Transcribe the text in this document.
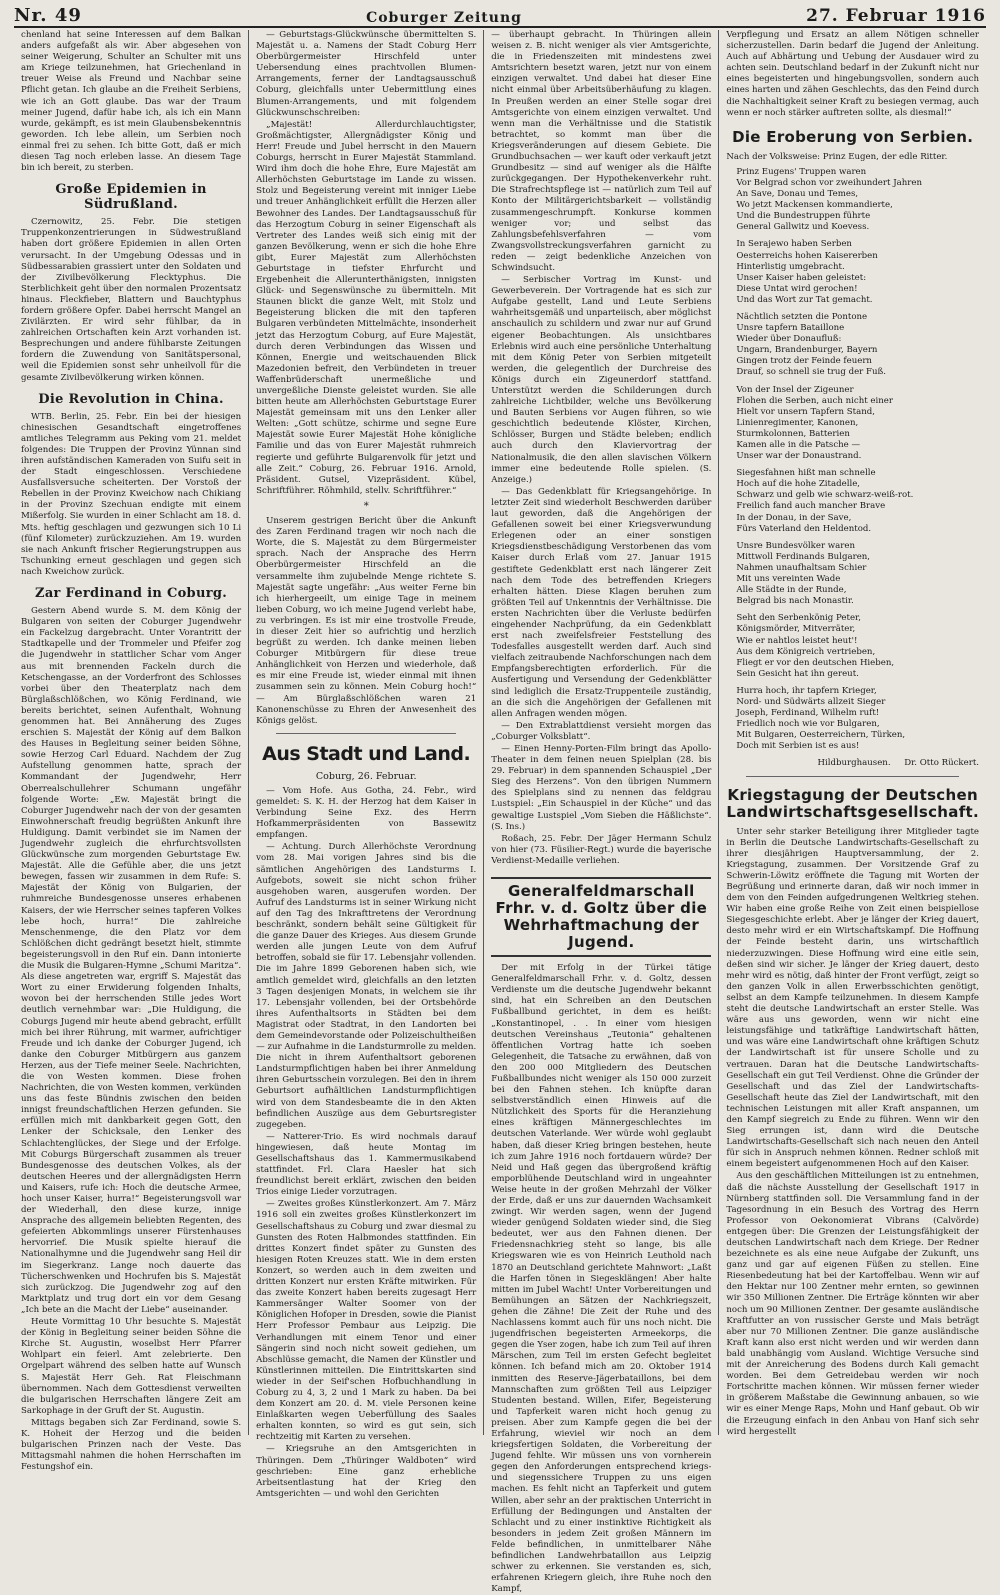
Nr. 49	Coburger Zeitung	27. Februar 1916

chenland hat seine Interessen auf dem Balkan anders aufgefaßt als wir. Aber abgesehen von seiner Weigerung, Schulter an Schulter mit uns am Kriege teilzunehmen, hat Griechenland in treuer Weise als Freund und Nachbar seine Pflicht getan. Ich glaube an die Freiheit Serbiens, wie ich an Gott glaube. Das war der Traum meiner Jugend, dafür habe ich, als ich ein Mann wurde, gekämpft, es ist mein Glaubensbekenntnis geworden. Ich lebe allein, um Serbien noch einmal frei zu sehen. Ich bitte Gott, daß er mich diesen Tag noch erleben lasse. An diesem Tage bin ich bereit, zu sterben.

Große Epidemien in Südrußland.

Czernowitz, 25. Febr. Die stetigen Truppenkonzentrierungen in Südwestrußland haben dort größere Epidemien in allen Orten verursacht. In der Umgebung Odessas und in Südbessarabien grassiert unter den Soldaten und der Zivilbevölkerung Flecktyphus. Die Sterblichkeit geht über den normalen Prozentsatz hinaus. Fleckfieber, Blattern und Bauchtyphus fordern größere Opfer. Dabei herrscht Mangel an Zivilärzten. Er wird sehr fühlbar, da in zahlreichen Ortschaften kein Arzt vorhanden ist. Besprechungen und andere fühlbarste Zeitungen fordern die Zuwendung von Sanitätspersonal, weil die Epidemien sonst sehr unheilvoll für die gesamte Zivilbevölkerung wirken können.

Die Revolution in China.

WTB. Berlin, 25. Febr. Ein bei der hiesigen chinesischen Gesandtschaft eingetroffenes amtliches Telegramm aus Peking vom 21. meldet folgendes: Die Truppen der Provinz Yünnan sind ihren aufständischen Kameraden von Suifu seit in der Stadt eingeschlossen. Verschiedene Ausfallsversuche scheiterten. Der Vorstoß der Rebellen in der Provinz Kweichow nach Chikiang in der Provinz Szechuan endigte mit einem Mißerfolg. Sie wurden in einer Schlacht am 18. d. Mts. heftig geschlagen und gezwungen sich 10 Li (fünf Kilometer) zurückzuziehen. Am 19. wurden sie nach Ankunft frischer Regierungstruppen aus Tschunking erneut geschlagen und gegen sich nach Kweichow zurück.

Zar Ferdinand in Coburg.

Gestern Abend wurde S. M. dem König der Bulgaren von seiten der Coburger Jugendwehr ein Fackelzug dargebracht. Unter Vorantritt der Stadtkapelle und der Trommeler und Pfeifer zog die Jugendwehr in stattlicher Schar vom Anger aus mit brennenden Fackeln durch die Ketschengasse, an der Vorderfront des Schlosses vorbei über den Theaterplatz nach dem Bürglaßschlößchen, wo König Ferdinand, wie bereits berichtet, seinen Aufenthalt, Wohnung genommen hat. Bei Annäherung des Zuges erschien S. Majestät der König auf dem Balkon des Hauses in Begleitung seiner beiden Söhne, sowie Herzog Carl Eduard. Nachdem der Zug Aufstellung genommen hatte, sprach der Kommandant der Jugendwehr, Herr Oberrealschullehrer Schumann ungefähr folgende Worte: „Ew. Majestät bringt die Coburger Jugendwehr nach der von der gesamten Einwohnerschaft freudig begrüßten Ankunft ihre Huldigung. Damit verbindet sie im Namen der Jugendwehr zugleich die ehrfurchtsvollsten Glückwünsche zum morgenden Geburtstage Ew. Majestät. Alle die Gefühle aber, die uns jetzt bewegen, fassen wir zusammen in dem Rufe: S. Majestät der König von Bulgarien, der ruhmreiche Bundesgenosse unseres erhabenen Kaisers, der wie Herrscher seines tapferen Volkes lebe hoch, hurra!“ Die zahlreiche Menschenmenge, die den Platz vor dem Schlößchen dicht gedrängt besetzt hielt, stimmte begeisterungsvoll in den Ruf ein. Dann intonierte die Musik die Bulgaren-Hymne „Schumi Maritza“. Als diese angetreten war, ergriff S. Majestät das Wort zu einer Erwiderung folgenden Inhalts, wovon bei der herrschenden Stille jedes Wort deutlich vernehmbar war: „Die Huldigung, die Coburgs Jugend mir heute abend gebracht, erfüllt mich bei ihrer Rührung, mit warmer, aufrichtiger Freude und ich danke der Coburger Jugend, ich danke den Coburger Mitbürgern aus ganzem Herzen, aus der Tiefe meiner Seele. Nachrichten, die von Westen kommen. Diese frohen Nachrichten, die von Westen kommen, verkünden uns das feste Bündnis zwischen den beiden innigst freundschaftlichen Herzen gefunden. Sie erfüllen mich mit dankbarkeit gegen Gott, den Lenker der Schicksale, den Lenker des Schlachtenglückes, der Siege und der Erfolge. Mit Coburgs Bürgerschaft zusammen als treuer Bundesgenosse des deutschen Volkes, als der deutschen Heeres und der allergnädigsten Herrn und Kaisers, rufe ich: Hoch die deutsche Armee, hoch unser Kaiser, hurra!“ Begeisterungsvoll war der Wiederhall, den diese kurze, innige Ansprache des allgemein beliebten Regenten, des gefeierten Abkommlings unserer Fürstenhauses hervorrief. Die Musik spielte hierauf die Nationalhymne und die Jugendwehr sang Heil dir im Siegerkranz. Lange noch dauerte das Tücherschwenken und Hochrufen bis S. Majestät sich zurückzog. Die Jugendwehr zog auf den Marktplatz und trug dort ein vor dem Gesang „Ich bete an die Macht der Liebe“ auseinander.

Heute Vormittag 10 Uhr besuchte S. Majestät der König in Begleitung seiner beiden Söhne die Kirche St. Augustin, woselbst Herr Pfarrer Wohlpart ein feierl. Amt zelebrierte. Den Orgelpart während des selben hatte auf Wunsch S. Majestät Herr Geh. Rat Fleischmann übernommen. Nach dem Gottesdienst verweilten die bulgarischen Herrschaften längere Zeit am Sarkophage in der Gruft der St. Augustin.

Mittags begaben sich Zar Ferdinand, sowie S. K. Hoheit der Herzog und die beiden bulgarischen Prinzen nach der Veste. Das Mittagsmahl nahmen die hohen Herrschaften im Festungshof ein.

— Geburtstags-Glückwünsche übermittelten S. Majestät u. a. Namens der Stadt Coburg Herr Oberbürgermeister Hirschfeld unter Uebersendung eines prachtvollen Blumen-Arrangements, ferner der Landtagsausschuß Coburg, gleichfalls unter Uebermittlung eines Blumen-Arrangements, und mit folgendem Glückwunschschreiben:

„Majestät! Allerdurchlauchtigster, Großmächtigster, Allergnädigster König und Herr! Freude und Jubel herrscht in den Mauern Coburgs, herrscht in Eurer Majestät Stammland. Wird ihm doch die hohe Ehre, Eure Majestät am Allerhöchsten Geburtstage im Lande zu wissen. Stolz und Begeisterung vereint mit inniger Liebe und treuer Anhänglichkeit erfüllt die Herzen aller Bewohner des Landes. Der Landtagsausschuß für das Herzogtum Coburg in seiner Eigenschaft als Vertreter des Landes weiß sich einig mit der ganzen Bevölkerung, wenn er sich die hohe Ehre gibt, Eurer Majestät zum Allerhöchsten Geburtstage in tiefster Ehrfurcht und Ergebenheit die Allerunterthänigsten, innigsten Glück- und Segenswünsche zu übermitteln. Mit Staunen blickt die ganze Welt, mit Stolz und Begeisterung blicken die mit den tapferen Bulgaren verbündeten Mittelmächte, insonderheit jetzt das Herzogtum Coburg, auf Eure Majestät, durch deren Verbindungen das Wissen und Können, Energie und weitschauenden Blick Mazedonien befreit, den Verbündeten in treuer Waffenbrüderschaft unermeßliche und unvergeßliche Dienste geleistet wurden. Sie alle bitten heute am Allerhöchsten Geburtstage Eurer Majestät gemeinsam mit uns den Lenker aller Welten: „Gott schütze, schirme und segne Eure Majestät sowie Eurer Majestät Hohe königliche Familie und das von Eurer Majestät ruhmreich regierte und geführte Bulgarenvolk für jetzt und alle Zeit.“ Coburg, 26. Februar 1916. Arnold, Präsident. Gutsel, Vizepräsident. Kübel, Schriftführer. Röhmhild, stellv. Schriftführer.“

*

Unserem gestrigen Bericht über die Ankunft des Zaren Ferdinand tragen wir noch nach die Worte, die S. Majestät zu dem Bürgermeister sprach. Nach der Ansprache des Herrn Oberbürgermeister Hirschfeld an die versammelte ihm zujubelnde Menge richtete S. Majestät sagte ungefähr: „Aus weiter Ferne bin ich hierhergeeilt, um einige Tage in meinem lieben Coburg, wo ich meine Jugend verlebt habe, zu verbringen. Es ist mir eine trostvolle Freude, in dieser Zeit hier so aufrichtig und herzlich begrüßt zu werden. Ich danke meinen lieben Coburger Mitbürgern für diese treue Anhänglichkeit von Herzen und wiederhole, daß es mir eine Freude ist, wieder einmal mit ihnen zusammen sein zu können. Mein Coburg hoch!“ — Am Bürglaßschlößchen waren 21 Kanonenschüsse zu Ehren der Anwesenheit des Königs gelöst.

Aus Stadt und Land.
Coburg, 26. Februar.

— Vom Hofe. Aus Gotha, 24. Febr., wird gemeldet: S. K. H. der Herzog hat dem Kaiser in Verbindung Seine Exz. des Herrn Hofkammerpräsidenten von Bassewitz empfangen.

— Achtung. Durch Allerhöchste Verordnung vom 28. Mai vorigen Jahres sind bis die sämtlichen Angehörigen des Landsturms I. Aufgebots, soweit sie nicht schon früher ausgehoben waren, ausgerufen worden. Der Aufruf des Landsturms ist in seiner Wirkung nicht auf den Tag des Inkrafttretens der Verordnung beschränkt, sondern behält seine Gültigkeit für die ganze Dauer des Krieges. Aus diesem Grunde werden alle jungen Leute von dem Aufruf betroffen, sobald sie für 17. Lebensjahr vollenden. Die im Jahre 1899 Geborenen haben sich, wie amtlich gemeldet wird, gleichfalls an den letzten 3 Tagen desjenigen Monats, in welchem sie ihr 17. Lebensjahr vollenden, bei der Ortsbehörde ihres Aufenthaltsorts in Städten bei dem Magistrat oder Stadtrat, in den Landorten bei dem Gemeindevorstande oder Polizeischultheißen — zur Aufnahme in die Landsturmrolle zu melden. Die nicht in ihrem Aufenthaltsort geborenen Landsturmpflichtigen haben bei ihrer Anmeldung ihren Geburtsschein vorzulegen. Bei den in ihrem Geburtsort aufhältlichen Landsturmpflichtigen wird von dem Standesbeamte die in den Akten befindlichen Auszüge aus dem Geburtsregister zugegeben.

— Natterer-Trio. Es wird nochmals darauf hingewiesen, daß heute Montag im Gesellschaftshaus das 1. Kammermusikabend stattfindet. Frl. Clara Haesler hat sich freundlichst bereit erklärt, zwischen den beiden Trios einige Lieder vorzutragen.

— Zweites großes Künstlerkonzert. Am 7. März 1916 soll ein zweites großes Künstlerkonzert im Gesellschaftshaus zu Coburg und zwar diesmal zu Gunsten des Roten Halbmondes stattfinden. Ein drittes Konzert findet später zu Gunsten des hiesigen Roten Kreuzes statt. Wie in dem ersten Konzert, so werden auch in dem zweiten und dritten Konzert nur ersten Kräfte mitwirken. Für das zweite Konzert haben bereits zugesagt Herr Kammersänger Walter Soomer von der Königlichen Hofoper in Dresden, sowie die Pianist Herr Professor Pembaur aus Leipzig. Die Verhandlungen mit einem Tenor und einer Sängerin sind noch nicht soweit gediehen, um Abschlüsse gemacht, die Namen der Künstler und Künstlerinnen mitteilen. Die Eintrittskarten sind wieder in der Seif'schen Hofbuchhandlung in Coburg zu 4, 3, 2 und 1 Mark zu haben. Da bei dem Konzert am 20. d. M. viele Personen keine Einlaßkarten wegen Ueberfüllung des Saales erhalten konnten, so wird es gut sein, sich rechtzeitig mit Karten zu versehen.

— Kriegsruhe an den Amtsgerichten in Thüringen. Dem „Thüringer Waldboten“ wird geschrieben: Eine ganz erhebliche Arbeitsentlastung hat der Krieg den Amtsgerichten — und wohl den Gerichten

— überhaupt gebracht. In Thüringen allein weisen z. B. nicht weniger als vier Amtsgerichte, die in Friedenszeiten mit mindestens zwei Amtsrichtern besetzt waren, jetzt nur von einem einzigen verwaltet. Und dabei hat dieser Eine nicht einmal über Arbeitsüberhäufung zu klagen. In Preußen werden an einer Stelle sogar drei Amtsgerichte von einem einzigen verwaltet. Und wenn man die Verhältnisse und die Statistik betrachtet, so kommt man über die Kriegsveränderungen auf diesem Gebiete. Die Grundbuchsachen — wer kauft oder verkauft jetzt Grundbesitz — sind auf weniger als die Hälfte zurückgegangen. Der Hypothekenverkehr ruht. Die Strafrechtspflege ist — natürlich zum Teil auf Konto der Militärgerichtsbarkeit — vollständig zusammengeschrumpft. Konkurse kommen weniger vor; und selbst das Zahlungsbefehlsverfahren — vom Zwangsvollstreckungsverfahren garnicht zu reden — zeigt bedenkliche Anzeichen von Schwindsucht.

— Serbischer Vortrag im Kunst- und Gewerbeverein. Der Vortragende hat es sich zur Aufgabe gestellt, Land und Leute Serbiens wahrheitsgemäß und unparteiisch, aber möglichst anschaulich zu schildern und zwar nur auf Grund eigener Beobachtungen. Als unsichtbares Erlebnis wird auch eine persönliche Unterhaltung mit dem König Peter von Serbien mitgeteilt werden, die gelegentlich der Durchreise des Königs durch ein Zigeunerdorf stattfand. Unterstützt werden die Schilderungen durch zahlreiche Lichtbilder, welche uns Bevölkerung und Bauten Serbiens vor Augen führen, so wie geschichtlich bedeutende Klöster, Kirchen, Schlösser, Burgen und Städte beleben; endlich auch durch den Klaviervortrag der Nationalmusik, die den allen slavischen Völkern immer eine bedeutende Rolle spielen. (S. Anzeige.)

— Das Gedenkblatt für Kriegsangehörige. In letzter Zeit sind wiederholt Beschwerden darüber laut geworden, daß die Angehörigen der Gefallenen soweit bei einer Kriegsverwundung Erlegenen oder an einer sonstigen Kriegsdienstbeschädigung Verstorbenen das vom Kaiser durch Erlaß vom 27. Januar 1915 gestiftete Gedenkblatt erst nach längerer Zeit nach dem Tode des betreffenden Kriegers erhalten hätten. Diese Klagen beruhen zum größten Teil auf Unkenntnis der Verhältnisse. Die ersten Nachrichten über die Verluste bedürfen eingehender Nachprüfung, da ein Gedenkblatt erst nach zweifelsfreier Feststellung des Todesfalles ausgestellt werden darf. Auch sind vielfach zeitraubende Nachforschungen nach dem Empfangsberechtigten erforderlich. Für die Ausfertigung und Versendung der Gedenkblätter sind lediglich die Ersatz-Truppenteile zuständig, an die sich die Angehörigen der Gefallenen mit allen Anfragen wenden mögen.

— Den Extrablattdienst versieht morgen das „Coburger Volksblatt“.

— Einen Henny-Porten-Film bringt das Apollo-Theater in dem feinen neuen Spielplan (28. bis 29. Februar) in dem spannenden Schauspiel „Der Sieg des Herzens“. Von den übrigen Nummern des Spielplans sind zu nennen das feldgrau Lustspiel: „Ein Schauspiel in der Küche“ und das gewaltige Lustspiel „Vom Sieben die Häßlichste“. (S. Ins.)

Roßach, 25. Febr. Der Jäger Hermann Schulz von hier (73. Füsilier-Regt.) wurde die bayerische Verdienst-Medaille verliehen.

Generalfeldmarschall Frhr. v. d. Goltz über die Wehrhaftmachung der Jugend.

Der mit Erfolg in der Türkei tätige Generalfeldmarschall Frhr. v. d. Goltz, dessen Verdienste um die deutsche Jugendwehr bekannt sind, hat ein Schreiben an den Deutschen Fußballbund gerichtet, in dem es heißt: „Konstantinopel, . . In einer vom hiesigen deutschen Vereinshaus „Teutonia“ gehaltenen öffentlichen Vortrag hatte ich soeben Gelegenheit, die Tatsache zu erwähnen, daß von den 200 000 Mitgliedern des Deutschen Fußballbundes nicht weniger als 150 000 zurzeit bei den Fahnen stehen. Ich knüpfte daran selbstverständlich einen Hinweis auf die Nützlichkeit des Sports für die Heranziehung eines kräftigen Männergeschlechtes im deutschen Vaterlande. Wer würde wohl geglaubt haben, daß dieser Krieg bringen bestehen, heute ich zum Jahre 1916 noch fortdauern würde? Der Neid und Haß gegen das übergroßend kräftig emporblühende Deutschland wird in ungeahnter Weise heute in der großen Mehrzahl der Völker der Erde, daß er uns zur dauernden Wachsamkeit zwingt. Wir werden sagen, wenn der Jugend wieder genügend Soldaten wieder sind, die Sieg bedeutet, wer aus den Fahnen dienen. Der Friedensnachkrieg steht so lange, bis alle Kriegswaren wie es von Heinrich Leuthold nach 1870 an Deutschland gerichtete Mahnwort: „Laßt die Harfen tönen in Siegesklängen! Aber halte mitten im Jubel Wacht! Unter Vorbereitungen und Bemühungen an Sätzen der Nachkriegszeit, gehen die Zähne! Die Zeit der Ruhe und des Nachlassens kommt auch für uns noch nicht. Die jugendfrischen begeisterten Armeekorps, die gegen die Yser zogen, habe ich zum Teil auf ihren Märschen, zum Teil im ersten Gefecht begleitet können. Ich befand mich am 20. Oktober 1914 inmitten des Reserve-Jägerbataillons, bei dem Mannschaften zum größten Teil aus Leipziger Studenten bestand. Willen, Eifer, Begeisterung und Tapferkeit waren nicht hoch genug zu preisen. Aber zum Kampfe gegen die bei der Erfahrung, wieviel wir noch an dem kriegsfertigen Soldaten, die Vorbereitung der Jugend fehlte. Wir müssen uns von vornherein gegen den Anforderungen entsprechend kriegs- und siegenssichere Truppen zu uns eigen machen. Es fehlt nicht an Tapferkeit und gutem Willen, aber sehr an der praktischen Unterricht in Erfüllung der Bedingungen und Anstalten der Schlacht und zu einer instinktive Richtigkeit als besonders in jedem Zeit großen Männern im Felde befindlichen, in unmittelbarer Nähe befindlichen Landwehrbataillon aus Leipzig schwer zu erkennen. Sie verstanden es, sich, erfahrenen Kriegern gleich, ihre Ruhe noch den Kampf,

Verpflegung und Ersatz an allem Nötigen schneller sicherzustellen. Darin bedarf die Jugend der Anleitung. Auch auf Abhärtung und Uebung der Ausdauer wird zu achten sein. Deutschland bedarf in der Zukunft nicht nur eines begeisterten und hingebungsvollen, sondern auch eines harten und zähen Geschlechts, das den Feind durch die Nachhaltigkeit seiner Kraft zu besiegen vermag, auch wenn er noch stärker auftreten sollte, als diesmal!“

Die Eroberung von Serbien.
Nach der Volksweise: Prinz Eugen, der edle Ritter.
Prinz Eugens' Truppen waren
Vor Belgrad schon vor zweihundert Jahren
An Save, Donau und Temes,
Wo jetzt Mackensen kommandierte,
Und die Bundestruppen führte
General Gallwitz und Koevess.
In Serajewo haben Serben
Oesterreichs hohen Kaisererben
Hinterlistig umgebracht.
Unser Kaiser haben geleistet:
Diese Untat wird gerochen!
Und das Wort zur Tat gemacht.
Nächtlich setzten die Pontone
Unsre tapfern Bataillone
Wieder über Donaufluß:
Ungarn, Brandenburger, Bayern
Gingen trotz der Feinde feuern
Drauf, so schnell sie trug der Fuß.
Von der Insel der Zigeuner
Flohen die Serben, auch nicht einer
Hielt vor unsern Tapfern Stand,
Linienregimenter, Kanonen,
Sturmkolonnen, Batterien
Kamen alle in die Patsche —
Unser war der Donaustrand.
Siegesfahnen hißt man schnelle
Hoch auf die hohe Zitadelle,
Schwarz und gelb wie schwarz-weiß-rot.
Freilich fand auch mancher Brave
In der Donau, in der Save,
Fürs Vaterland den Heldentod.
Unsre Bundesvölker waren
Mittwoll Ferdinands Bulgaren,
Nahmen unaufhaltsam Schier
Mit uns vereinten Wade
Alle Städte in der Runde,
Belgrad bis nach Monastir.
Seht den Serbenkönig Peter,
Königsmörder, Mitverräter,
Wie er nahtlos leistet heut'!
Aus dem Königreich vertrieben,
Fliegt er vor den deutschen Hieben,
Sein Gesicht hat ihn gereut.
Hurra hoch, ihr tapfern Krieger,
Nord- und Südwärts allzeit Sieger
Joseph, Ferdinand, Wilhelm ruft!
Friedlich noch wie vor Bulgaren,
Mit Bulgaren, Oesterreichern, Türken,
Doch mit Serbien ist es aus!
Hildburghausen. Dr. Otto Rückert.
Kriegstagung der Deutschen Landwirtschaftsgesellschaft.

Unter sehr starker Beteiligung ihrer Mitglieder tagte in Berlin die Deutsche Landwirtschafts-Gesellschaft zu ihrer diesjährigen Hauptversammlung, der 2. Kriegstagung, zusammen. Der Vorsitzende Graf zu Schwerin-Löwitz eröffnete die Tagung mit Worten der Begrüßung und erinnerte daran, daß wir noch immer in dem von den Feinden aufgedrungenen Weltkrieg stehen. Wir haben eine große Reihe von Zeit einen beispiellose Siegesgeschichte erlebt. Aber je länger der Krieg dauert, desto mehr wird er ein Wirtschaftskampf. Die Hoffnung der Feinde besteht darin, uns wirtschaftlich niederzuzwingen. Diese Hoffnung wird eine eitle sein, deßen sind wir sicher. Je länger der Krieg dauert, desto mehr wird es nötig, daß hinter der Front verfügt, zeigt so den ganzen Volk in allen Erwerbsschichten genötigt, selbst an dem Kampfe teilzunehmen. In diesem Kampfe steht die deutsche Landwirtschaft an erster Stelle. Was wäre aus uns geworden, wenn wir nicht eine leistungsfähige und tatkräftige Landwirtschaft hätten, und was wäre eine Landwirtschaft ohne kräftigen Schutz der Landwirtschaft ist für unsere Scholle und zu vertrauen. Daran hat die Deutsche Landwirtschafts-Gesellschaft ein gut Teil Verdienst. Ohne die Gründer der Gesellschaft und das Ziel der Landwirtschafts-Gesellschaft heute das Ziel der Landwirtschaft, mit den technischen Leistungen mit aller Kraft anspannen, um den Kampf siegreich zu Ende zu führen. Wenn wir den Sieg errungen ist, dann wird die Deutsche Landwirtschafts-Gesellschaft sich nach neuen den Anteil für sich in Anspruch nehmen können. Redner schloß mit einem begeistert aufgenommenen Hoch auf den Kaiser.

Aus den geschäftlichen Mitteilungen ist zu entnehmen, daß die nächste Ausstellung der Gesellschaft 1917 in Nürnberg stattfinden soll. Die Versammlung fand in der Tagesordnung in ein Besuch des Vortrag des Herrn Professor von Oekonomierat Vibrans (Calvörde) entgegen über: Die Grenzen der Leistungsfähigkeit der deutschen Landwirtschaft nach dem Kriege. Der Redner bezeichnete es als eine neue Aufgabe der Zukunft, uns ganz und gar auf eigenen Füßen zu stellen. Eine Riesenbedeutung hat bei der Kartoffelbau. Wenn wir auf den Hektar nur 100 Zentner mehr ernten, so gewinnen wir 350 Millionen Zentner. Die Erträge könnten wir aber noch um 90 Millionen Zentner. Der gesamte ausländische Kraftfutter an von russischer Gerste und Mais beträgt aber nur 70 Millionen Zentner. Die ganze ausländische Kraft kann also erst nicht werden und wir werden dann bald unabhängig vom Ausland. Wichtige Versuche sind mit der Anreicherung des Bodens durch Kali gemacht worden. Bei dem Getreidebau werden wir noch Fortschritte machen können. Wir müssen ferner wieder in größerem Maßstabe die Gewinnung anbauen, so wie wir es einer Menge Raps, Mohn und Hanf gebaut. Ob wir die Erzeugung einfach in den Anbau von Hanf sich sehr wird hergestellt
